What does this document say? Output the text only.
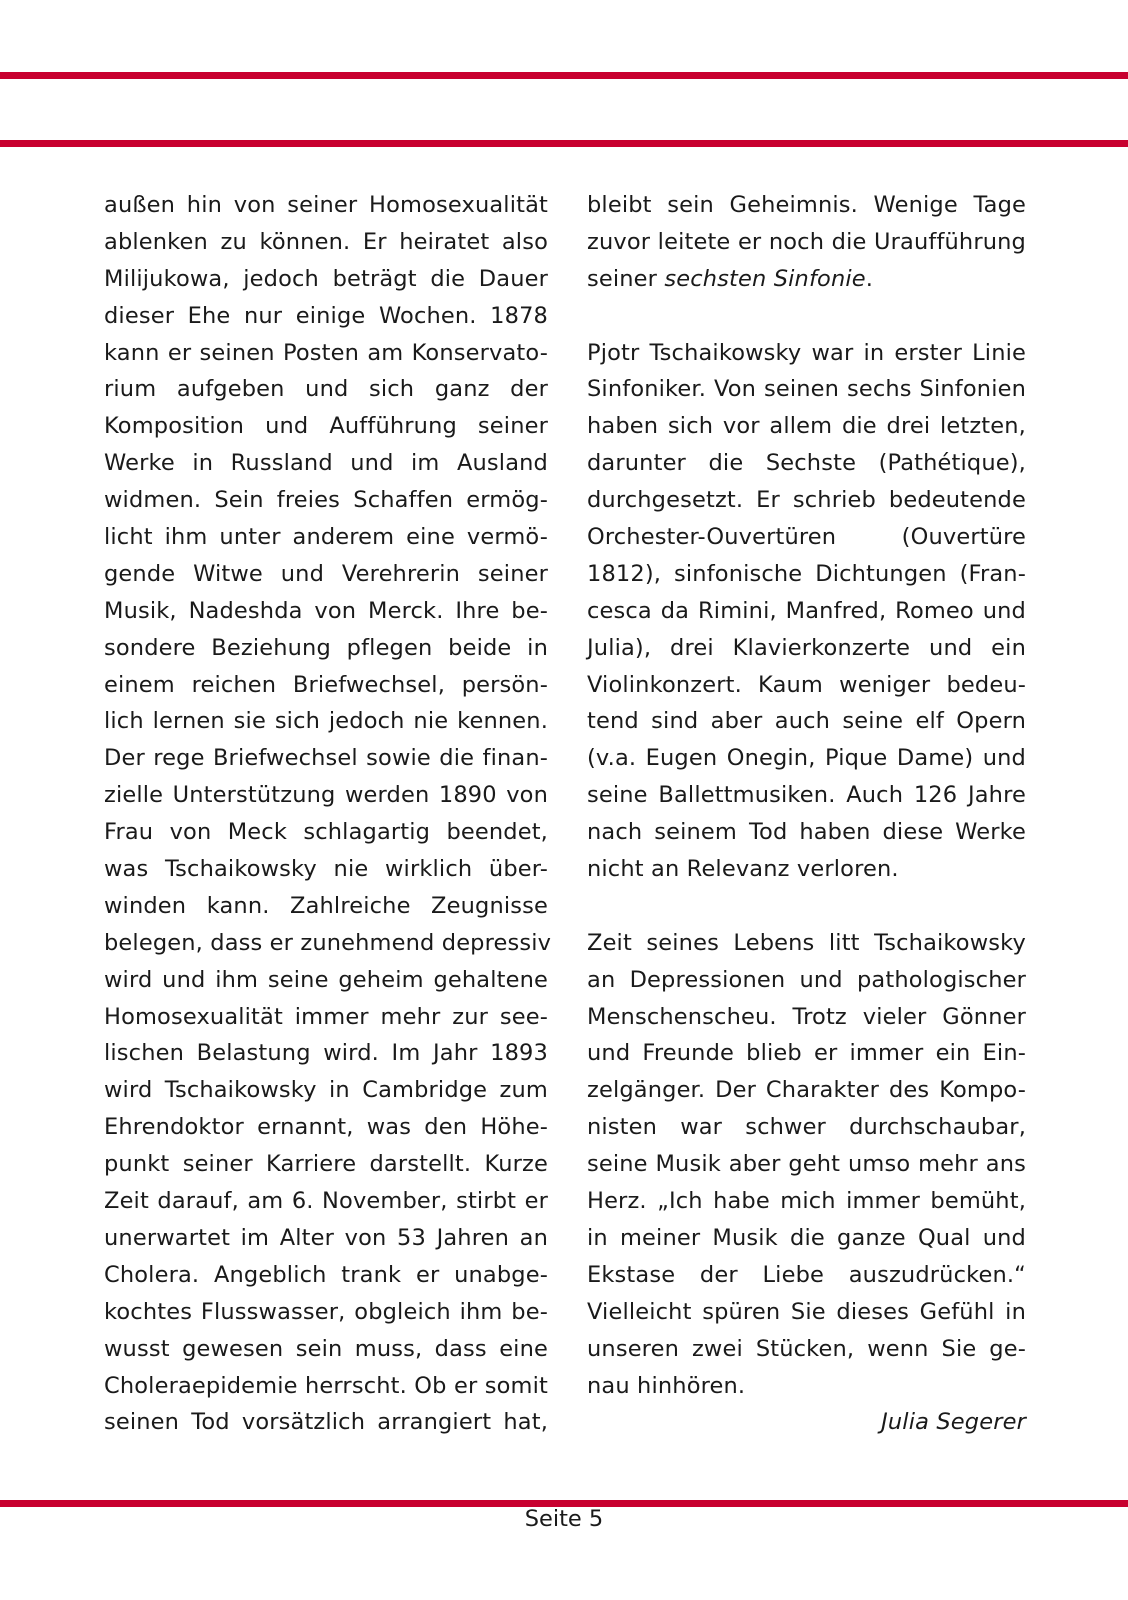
außen hin von seiner Homosexualität
ablenken zu können. Er heiratet also
Milijukowa, jedoch beträgt die Dauer
dieser Ehe nur einige Wochen. 1878
kann er seinen Posten am Konservato-
rium aufgeben und sich ganz der
Komposition und Aufführung seiner
Werke in Russland und im Ausland
widmen. Sein freies Schaffen ermög-
licht ihm unter anderem eine vermö-
gende Witwe und Verehrerin seiner
Musik, Nadeshda von Merck. Ihre be-
sondere Beziehung pflegen beide in
einem reichen Briefwechsel, persön-
lich lernen sie sich jedoch nie kennen.
Der rege Briefwechsel sowie die finan-
zielle Unterstützung werden 1890 von
Frau von Meck schlagartig beendet,
was Tschaikowsky nie wirklich über-
winden kann. Zahlreiche Zeugnisse
belegen, dass er zunehmend depressiv
wird und ihm seine geheim gehaltene
Homosexualität immer mehr zur see-
lischen Belastung wird. Im Jahr 1893
wird Tschaikowsky in Cambridge zum
Ehrendoktor ernannt, was den Höhe-
punkt seiner Karriere darstellt. Kurze
Zeit darauf, am 6. November, stirbt er
unerwartet im Alter von 53 Jahren an
Cholera. Angeblich trank er unabge-
kochtes Flusswasser, obgleich ihm be-
wusst gewesen sein muss, dass eine
Choleraepidemie herrscht. Ob er somit
seinen Tod vorsätzlich arrangiert hat,
bleibt sein Geheimnis. Wenige Tage
zuvor leitete er noch die Uraufführung
seiner sechsten Sinfonie.
Pjotr Tschaikowsky war in erster Linie
Sinfoniker. Von seinen sechs Sinfonien
haben sich vor allem die drei letzten,
darunter die Sechste (Pathétique),
durchgesetzt. Er schrieb bedeutende
Orchester-Ouvertüren (Ouvertüre
1812), sinfonische Dichtungen (Fran-
cesca da Rimini, Manfred, Romeo und
Julia), drei Klavierkonzerte und ein
Violinkonzert. Kaum weniger bedeu-
tend sind aber auch seine elf Opern
(v.a. Eugen Onegin, Pique Dame) und
seine Ballettmusiken. Auch 126 Jahre
nach seinem Tod haben diese Werke
nicht an Relevanz verloren.
Zeit seines Lebens litt Tschaikowsky
an Depressionen und pathologischer
Menschenscheu. Trotz vieler Gönner
und Freunde blieb er immer ein Ein-
zelgänger. Der Charakter des Kompo-
nisten war schwer durchschaubar,
seine Musik aber geht umso mehr ans
Herz. „Ich habe mich immer bemüht,
in meiner Musik die ganze Qual und
Ekstase der Liebe auszudrücken.“
Vielleicht spüren Sie dieses Gefühl in
unseren zwei Stücken, wenn Sie ge-
nau hinhören.
Julia Segerer
Seite 5
